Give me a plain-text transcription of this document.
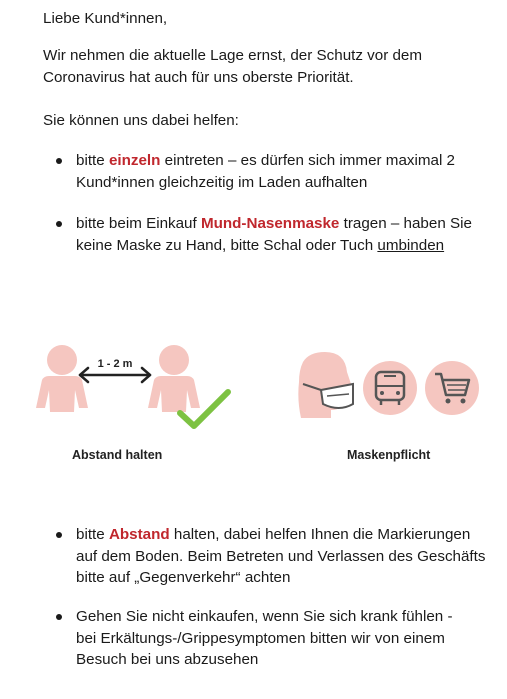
Liebe Kund*innen,

Wir nehmen die aktuelle Lage ernst, der Schutz vor dem

Coronavirus hat auch für uns oberste Priorität.

Sie können uns dabei helfen:

bitte einzeln eintreten – es dürfen sich immer maximal 2

Kund*innen gleichzeitig im Laden aufhalten

bitte beim Einkauf Mund-Nasenmaske tragen – haben Sie

keine Maske zu Hand, bitte Schal oder Tuch umbinden

1 - 2 m
Abstand halten	Maskenpflicht

bitte Abstand halten, dabei helfen Ihnen die Markierungen

auf dem Boden. Beim Betreten und Verlassen des Geschäfts

bitte auf „Gegenverkehr“ achten

Gehen Sie nicht einkaufen, wenn Sie sich krank fühlen -

bei Erkältungs-/Grippesymptomen bitten wir von einem

Besuch bei uns abzusehen
